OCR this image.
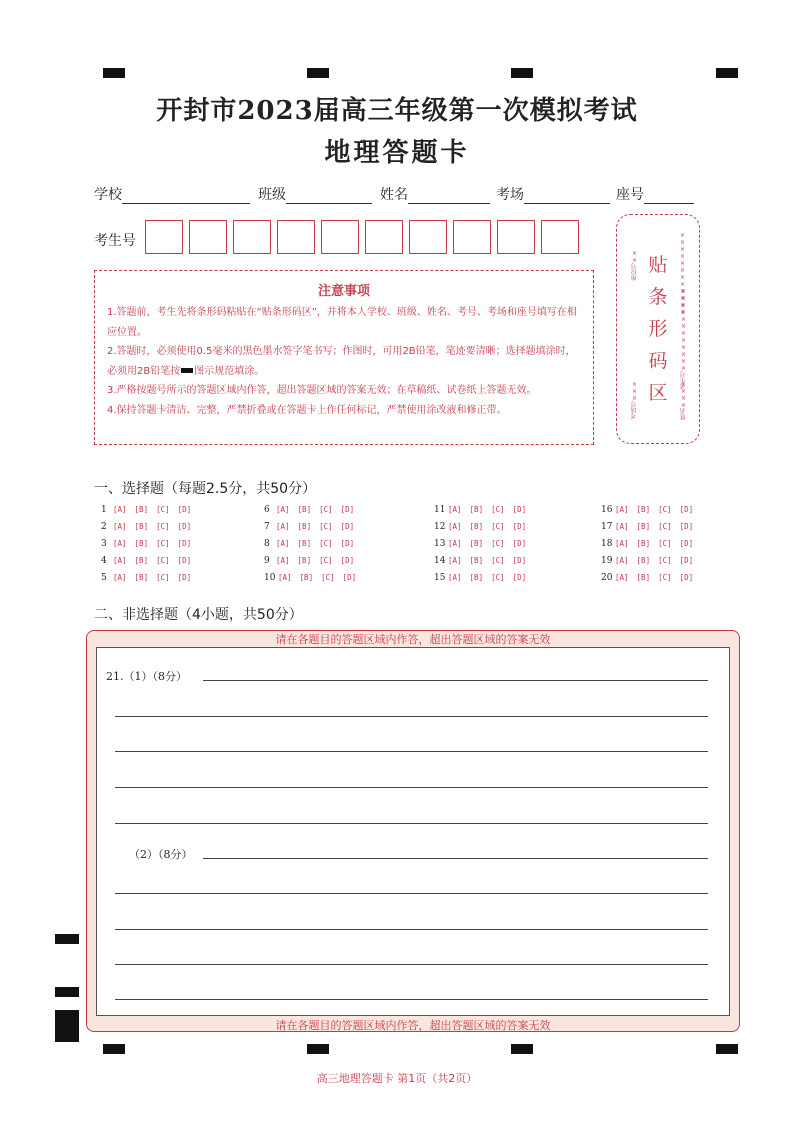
开封市2023届高三年级第一次模拟考试
地理答题卡
学校	班级	姓名	考场	座号
考生号
注意事项
1.答题前，考生先将条形码粘贴在“贴条形码区”，并将本人学校、班级、姓名、考号、考场和座号填写在相应位置。
2.答题时，必须使用0.5毫米的黑色墨水签字笔书写；作图时，可用2B铅笔，笔迹要清晰；选择题填涂时，必须用2B铅笔按 图示规范填涂。
3.严格按题号所示的答题区域内作答，超出答题区域的答案无效；在草稿纸、试卷纸上答题无效。
4.保持答题卡清洁、完整，严禁折叠或在答题卡上作任何标记，严禁使用涂改液和修正带。
贴条形码区
座位号××
考场号×××
××××××××××××
考生号××××××××××××
姓名××××
一、选择题（每题2.5分，共50分）
1 [A] [B] [C] [D]
2 [A] [B] [C] [D]
3 [A] [B] [C] [D]
4 [A] [B] [C] [D]
5 [A] [B] [C] [D]
6 [A] [B] [C] [D]
7 [A] [B] [C] [D]
8 [A] [B] [C] [D]
9 [A] [B] [C] [D]
10 [A] [B] [C] [D]
11 [A] [B] [C] [D]
12 [A] [B] [C] [D]
13 [A] [B] [C] [D]
14 [A] [B] [C] [D]
15 [A] [B] [C] [D]
16 [A] [B] [C] [D]
17 [A] [B] [C] [D]
18 [A] [B] [C] [D]
19 [A] [B] [C] [D]
20 [A] [B] [C] [D]
二、非选择题（4小题，共50分）
请在各题目的答题区域内作答，超出答题区域的答案无效
请在各题目的答题区域内作答，超出答题区域的答案无效
21.（1）（8分）
（2）（8分）
高三地理答题卡 第1页（共2页）
